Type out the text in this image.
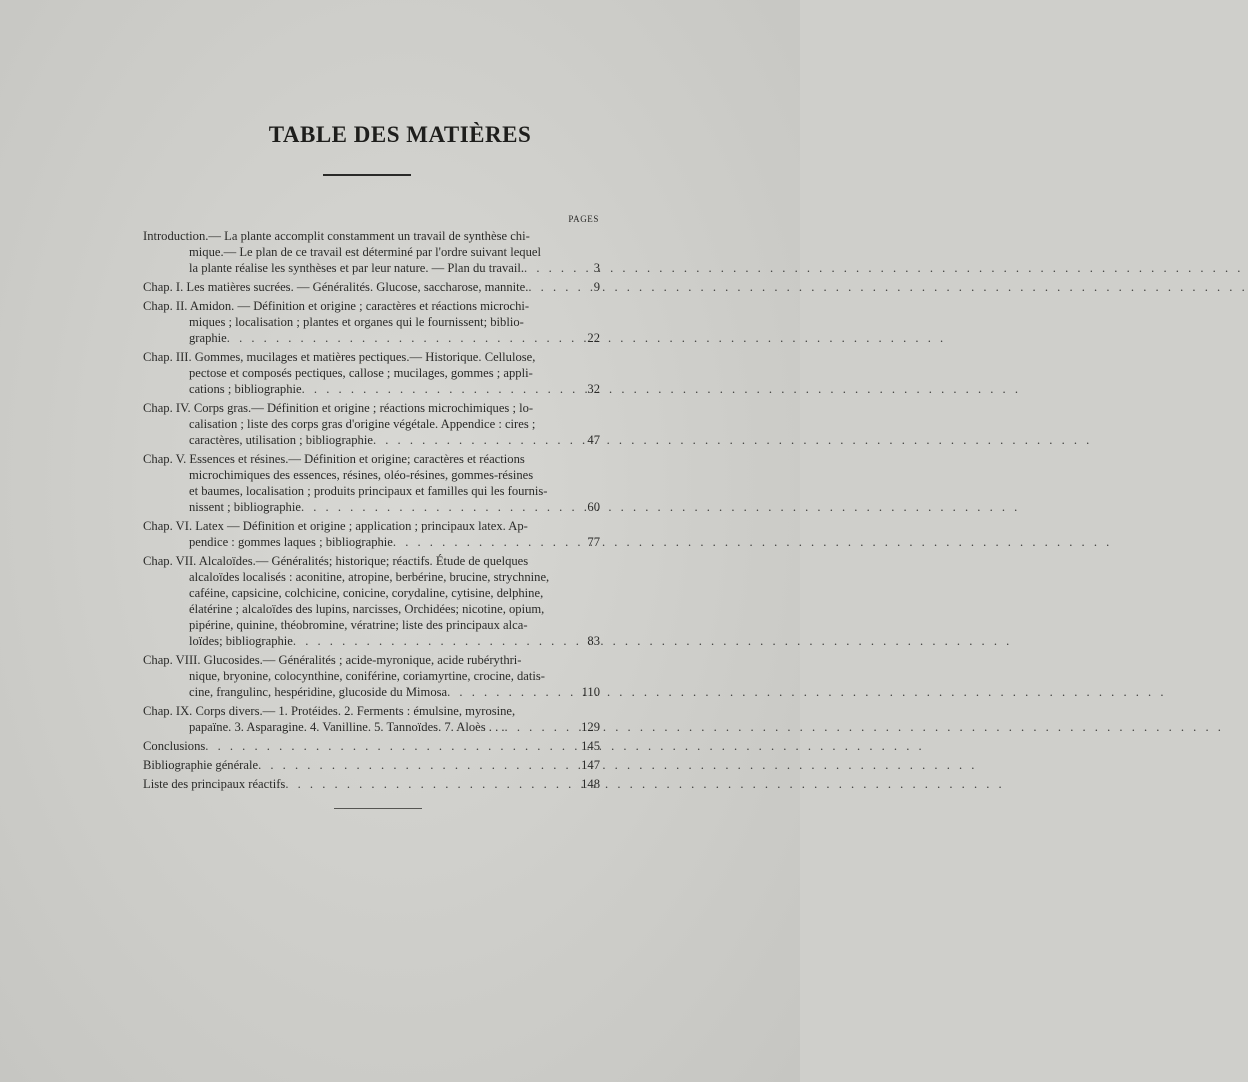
TABLE DES MATIÈRES
PAGES
Introduction.— La plante accomplit constamment un travail de synthèse chi-
mique.— Le plan de ce travail est déterminé par l'ordre suivant lequel
la plante réalise les synthèses et par leur nature. — Plan du travail. . . .	3
Chap. I. Les matières sucrées. — Généralités. Glucose, saccharose, mannite. . . .	9
Chap. II. Amidon. — Définition et origine ; caractères et réactions microchi-
miques ; localisation ; plantes et organes qui le fournissent; biblio-
graphie . . .	22
Chap. III. Gommes, mucilages et matières pectiques.— Historique. Cellulose,
pectose et composés pectiques, callose ; mucilages, gommes ; appli-
cations ; bibliographie . . .	32
Chap. IV. Corps gras.— Définition et origine ; réactions microchimiques ; lo-
calisation ; liste des corps gras d'origine végétale. Appendice : cires ;
caractères, utilisation ; bibliographie . . .	47
Chap. V. Essences et résines.— Définition et origine; caractères et réactions
microchimiques des essences, résines, oléo-résines, gommes-résines
et baumes, localisation ; produits principaux et familles qui les fournis-
nissent ; bibliographie . . .	60
Chap. VI. Latex — Définition et origine ; application ; principaux latex. Ap-
pendice : gommes laques ; bibliographie . . .	77
Chap. VII. Alcaloïdes.— Généralités; historique; réactifs. Étude de quelques
alcaloïdes localisés : aconitine, atropine, berbérine, brucine, strychnine,
caféine, capsicine, colchicine, conicine, corydaline, cytisine, delphine,
élatérine ; alcaloïdes des lupins, narcisses, Orchidées; nicotine, opium,
pipérine, quinine, théobromine, vératrine; liste des principaux alca-
loïdes; bibliographie . . .	83
Chap. VIII. Glucosides.— Généralités ; acide-myronique, acide rubérythri-
nique, bryonine, colocynthine, coniférine, coriamyrtine, crocine, datis-
cine, frangulinc, hespéridine, glucoside du Mimosa . . .	110
Chap. IX. Corps divers.— 1. Protéides. 2. Ferments : émulsine, myrosine,
papaïne. 3. Asparagine. 4. Vanilline. 5. Tannoïdes. 7. Aloès . . . . . .	129
Conclusions . . .	145
Bibliographie générale . . .	147
Liste des principaux réactifs . . .	148
